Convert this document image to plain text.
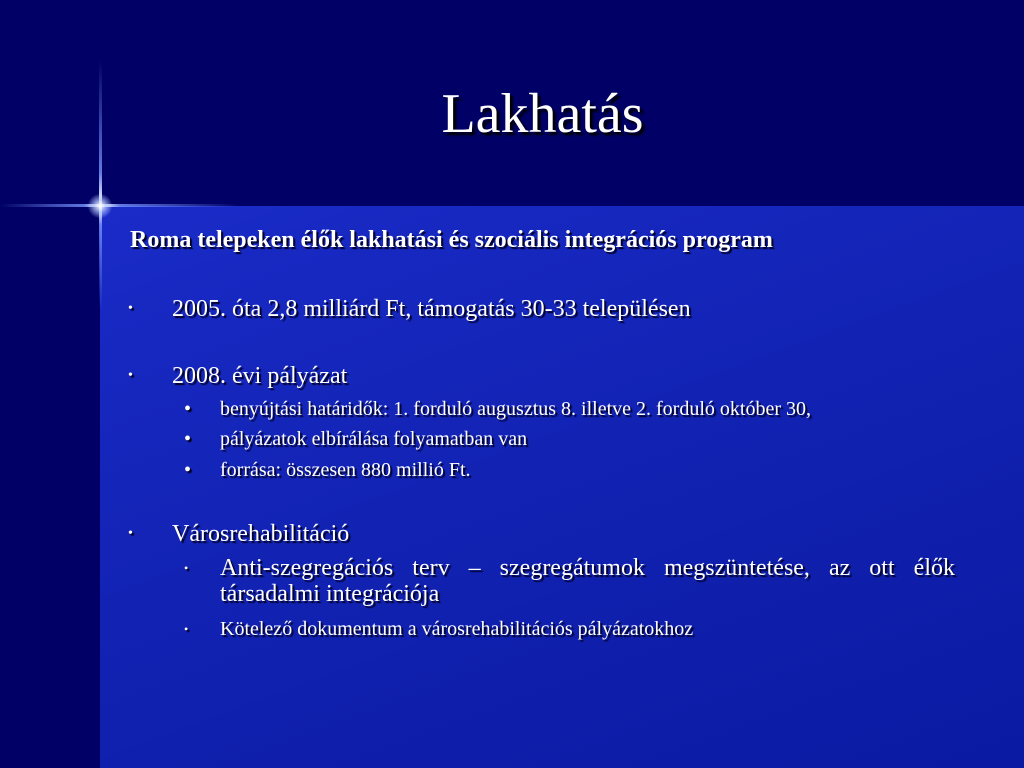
Lakhatás
Roma telepeken élők lakhatási és szociális integrációs program
• 2005. óta 2,8 milliárd Ft, támogatás 30-33 településen
• 2008. évi pályázat
• benyújtási határidők: 1. forduló augusztus 8. illetve 2. forduló október 30,
• pályázatok elbírálása folyamatban van
• forrása: összesen 880 millió Ft.
• Városrehabilitáció
• Anti-szegregációs terv – szegregátumok megszüntetése, az ott élők társadalmi integrációja
• Kötelező dokumentum a városrehabilitációs pályázatokhoz
